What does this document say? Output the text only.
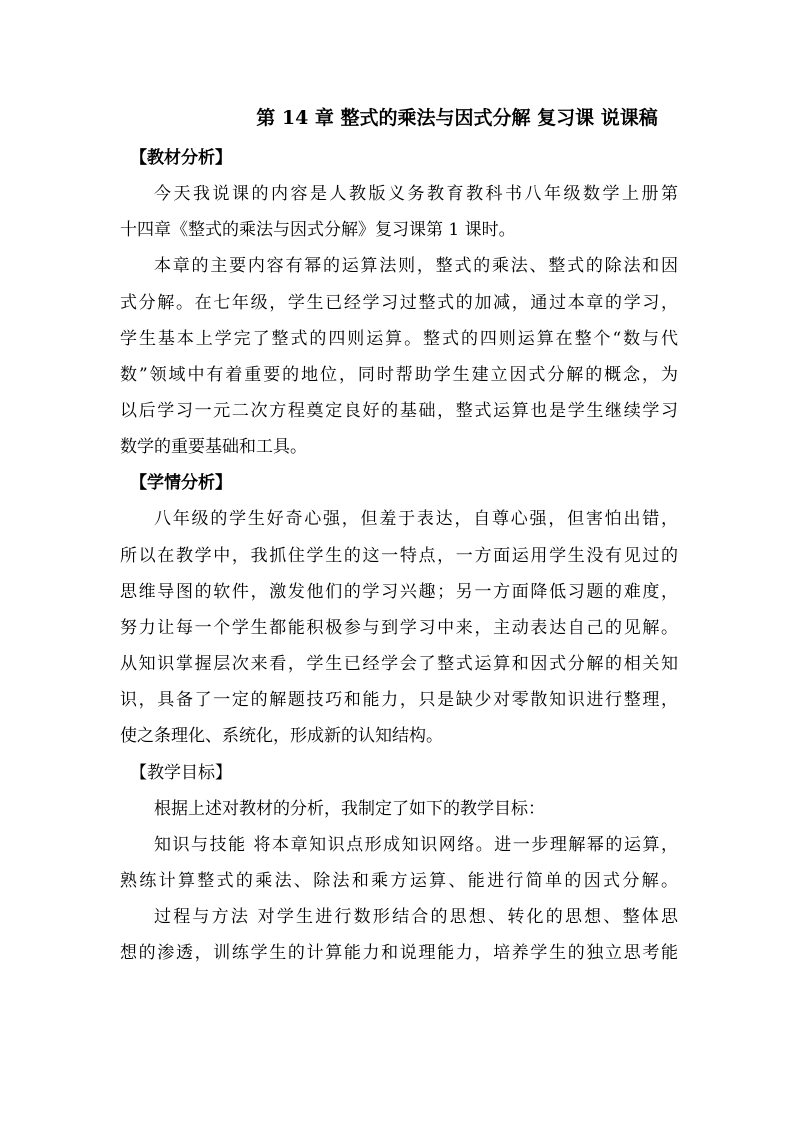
第 14 章 整式的乘法与因式分解 复习课 说课稿
【教材分析】
今天我说课的内容是人教版义务教育教科书八年级数学上册第
十四章《整式的乘法与因式分解》复习课第 1 课时。
本章的主要内容有幂的运算法则，整式的乘法、整式的除法和因
式分解。在七年级，学生已经学习过整式的加减，通过本章的学习，
学生基本上学完了整式的四则运算。整式的四则运算在整个“数与代
数”领域中有着重要的地位，同时帮助学生建立因式分解的概念，为
以后学习一元二次方程奠定良好的基础，整式运算也是学生继续学习
数学的重要基础和工具。
【学情分析】
八年级的学生好奇心强，但羞于表达，自尊心强，但害怕出错，
所以在教学中，我抓住学生的这一特点，一方面运用学生没有见过的
思维导图的软件，激发他们的学习兴趣；另一方面降低习题的难度，
努力让每一个学生都能积极参与到学习中来，主动表达自己的见解。
从知识掌握层次来看，学生已经学会了整式运算和因式分解的相关知
识，具备了一定的解题技巧和能力，只是缺少对零散知识进行整理，
使之条理化、系统化，形成新的认知结构。
【教学目标】
根据上述对教材的分析，我制定了如下的教学目标：
知识与技能 将本章知识点形成知识网络。进一步理解幂的运算，
熟练计算整式的乘法、除法和乘方运算、能进行简单的因式分解。
过程与方法 对学生进行数形结合的思想、转化的思想、整体思
想的渗透，训练学生的计算能力和说理能力，培养学生的独立思考能
